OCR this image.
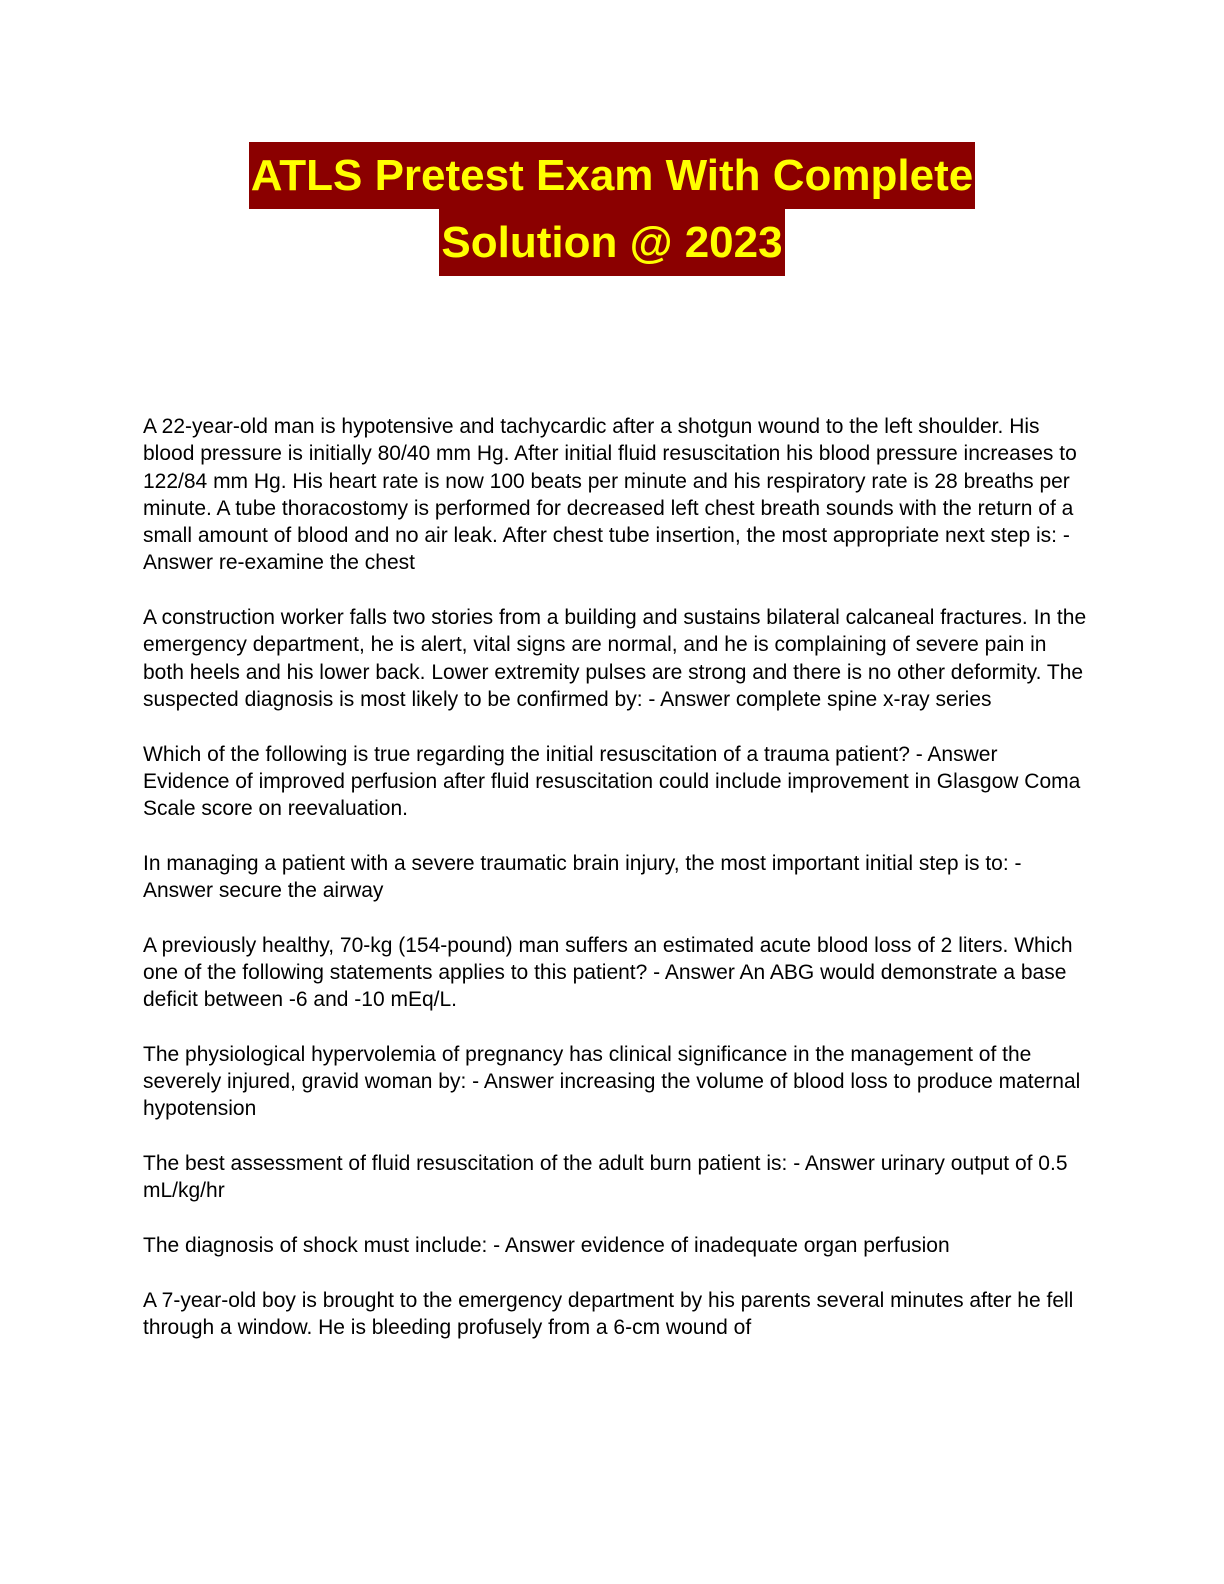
ATLS Pretest Exam With Complete
Solution @ 2023

A 22-year-old man is hypotensive and tachycardic after a shotgun wound to the left shoulder. His blood pressure is initially 80/40 mm Hg. After initial fluid resuscitation his blood pressure increases to 122/84 mm Hg. His heart rate is now 100 beats per minute and his respiratory rate is 28 breaths per minute. A tube thoracostomy is performed for decreased left chest breath sounds with the return of a small amount of blood and no air leak. After chest tube insertion, the most appropriate next step is: - Answer re-examine the chest

A construction worker falls two stories from a building and sustains bilateral calcaneal fractures. In the emergency department, he is alert, vital signs are normal, and he is complaining of severe pain in both heels and his lower back. Lower extremity pulses are strong and there is no other deformity. The suspected diagnosis is most likely to be confirmed by: - Answer complete spine x-ray series

Which of the following is true regarding the initial resuscitation of a trauma patient? - Answer Evidence of improved perfusion after fluid resuscitation could include improvement in Glasgow Coma Scale score on reevaluation.

In managing a patient with a severe traumatic brain injury, the most important initial step is to: - Answer secure the airway

A previously healthy, 70-kg (154-pound) man suffers an estimated acute blood loss of 2 liters. Which one of the following statements applies to this patient? - Answer An ABG would demonstrate a base deficit between -6 and -10 mEq/L.

The physiological hypervolemia of pregnancy has clinical significance in the management of the severely injured, gravid woman by: - Answer increasing the volume of blood loss to produce maternal hypotension

The best assessment of fluid resuscitation of the adult burn patient is: - Answer urinary output of 0.5 mL/kg/hr

The diagnosis of shock must include: - Answer evidence of inadequate organ perfusion

A 7-year-old boy is brought to the emergency department by his parents several minutes after he fell through a window. He is bleeding profusely from a 6-cm wound of
